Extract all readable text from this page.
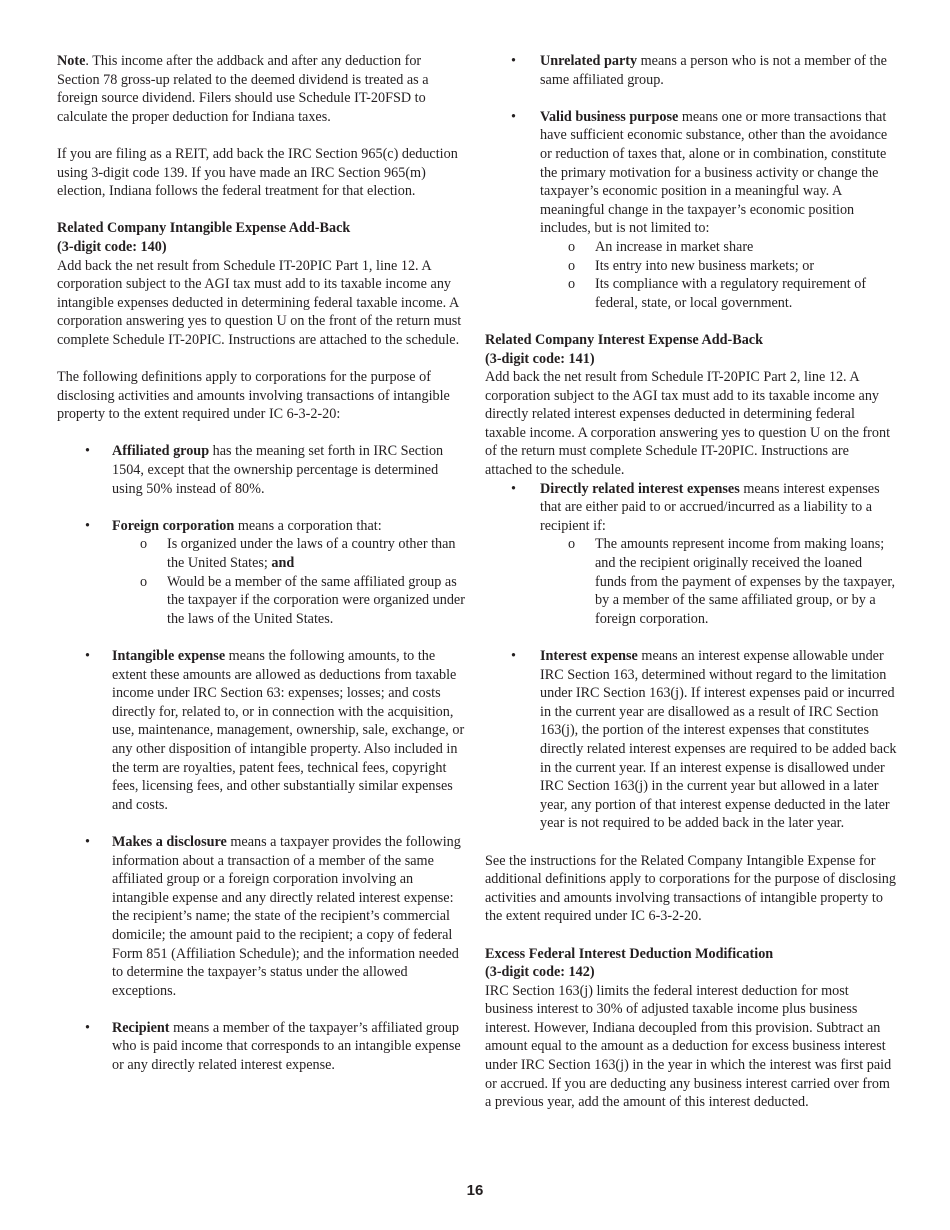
Note. This income after the addback and after any deduction for Section 78 gross-up related to the deemed dividend is treated as a foreign source dividend. Filers should use Schedule IT-20FSD to calculate the proper deduction for Indiana taxes.

If you are filing as a REIT, add back the IRC Section 965(c) deduction using 3-digit code 139. If you have made an IRC Section 965(m) election, Indiana follows the federal treatment for that election.

Related Company Intangible Expense Add-Back

(3-digit code: 140)

Add back the net result from Schedule IT-20PIC Part 1, line 12. A corporation subject to the AGI tax must add to its taxable income any intangible expenses deducted in determining federal taxable income. A corporation answering yes to question U on the front of the return must complete Schedule IT-20PIC. Instructions are attached to the schedule.

The following definitions apply to corporations for the purpose of disclosing activities and amounts involving transactions of intangible property to the extent required under IC 6-3-2-20:

• Affiliated group has the meaning set forth in IRC Section 1504, except that the ownership percentage is determined using 50% instead of 80%.
• Foreign corporation means a corporation that:
o Is organized under the laws of a country other than the United States; and
o Would be a member of the same affiliated group as the taxpayer if the corporation were organized under the laws of the United States.
• Intangible expense means the following amounts, to the extent these amounts are allowed as deductions from taxable income under IRC Section 63: expenses; losses; and costs directly for, related to, or in connection with the acquisition, use, maintenance, management, ownership, sale, exchange, or any other disposition of intangible property. Also included in the term are royalties, patent fees, technical fees, copyright fees, licensing fees, and other substantially similar expenses and costs.
• Makes a disclosure means a taxpayer provides the following information about a transaction of a member of the same affiliated group or a foreign corporation involving an intangible expense and any directly related interest expense: the recipient’s name; the state of the recipient’s commercial domicile; the amount paid to the recipient; a copy of federal Form 851 (Affiliation Schedule); and the information needed to determine the taxpayer’s status under the allowed exceptions.
• Recipient means a member of the taxpayer’s affiliated group who is paid income that corresponds to an intangible expense or any directly related interest expense.
• Unrelated party means a person who is not a member of the same affiliated group.
• Valid business purpose means one or more transactions that have sufficient economic substance, other than the avoidance or reduction of taxes that, alone or in combination, constitute the primary motivation for a business activity or change the taxpayer’s economic position in a meaningful way. A meaningful change in the taxpayer’s economic position includes, but is not limited to:
o An increase in market share
o Its entry into new business markets; or
o Its compliance with a regulatory requirement of federal, state, or local government.

Related Company Interest Expense Add-Back

(3-digit code: 141)

Add back the net result from Schedule IT-20PIC Part 2, line 12. A corporation subject to the AGI tax must add to its taxable income any directly related interest expenses deducted in determining federal taxable income. A corporation answering yes to question U on the front of the return must complete Schedule IT-20PIC. Instructions are attached to the schedule.

• Directly related interest expenses means interest expenses that are either paid to or accrued/incurred as a liability to a recipient if:
o The amounts represent income from making loans; and the recipient originally received the loaned funds from the payment of expenses by the taxpayer, by a member of the same affiliated group, or by a foreign corporation.
• Interest expense means an interest expense allowable under IRC Section 163, determined without regard to the limitation under IRC Section 163(j). If interest expenses paid or incurred in the current year are disallowed as a result of IRC Section 163(j), the portion of the interest expenses that constitutes directly related interest expenses are required to be added back in the current year. If an interest expense is disallowed under IRC Section 163(j) in the current year but allowed in a later year, any portion of that interest expense deducted in the later year is not required to be added back in the later year.

See the instructions for the Related Company Intangible Expense for additional definitions apply to corporations for the purpose of disclosing activities and amounts involving transactions of intangible property to the extent required under IC 6-3-2-20.

Excess Federal Interest Deduction Modification

(3-digit code: 142)

IRC Section 163(j) limits the federal interest deduction for most business interest to 30% of adjusted taxable income plus business interest. However, Indiana decoupled from this provision. Subtract an amount equal to the amount as a deduction for excess business interest under IRC Section 163(j) in the year in which the interest was first paid or accrued. If you are deducting any business interest carried over from a previous year, add the amount of this interest deducted.

16
